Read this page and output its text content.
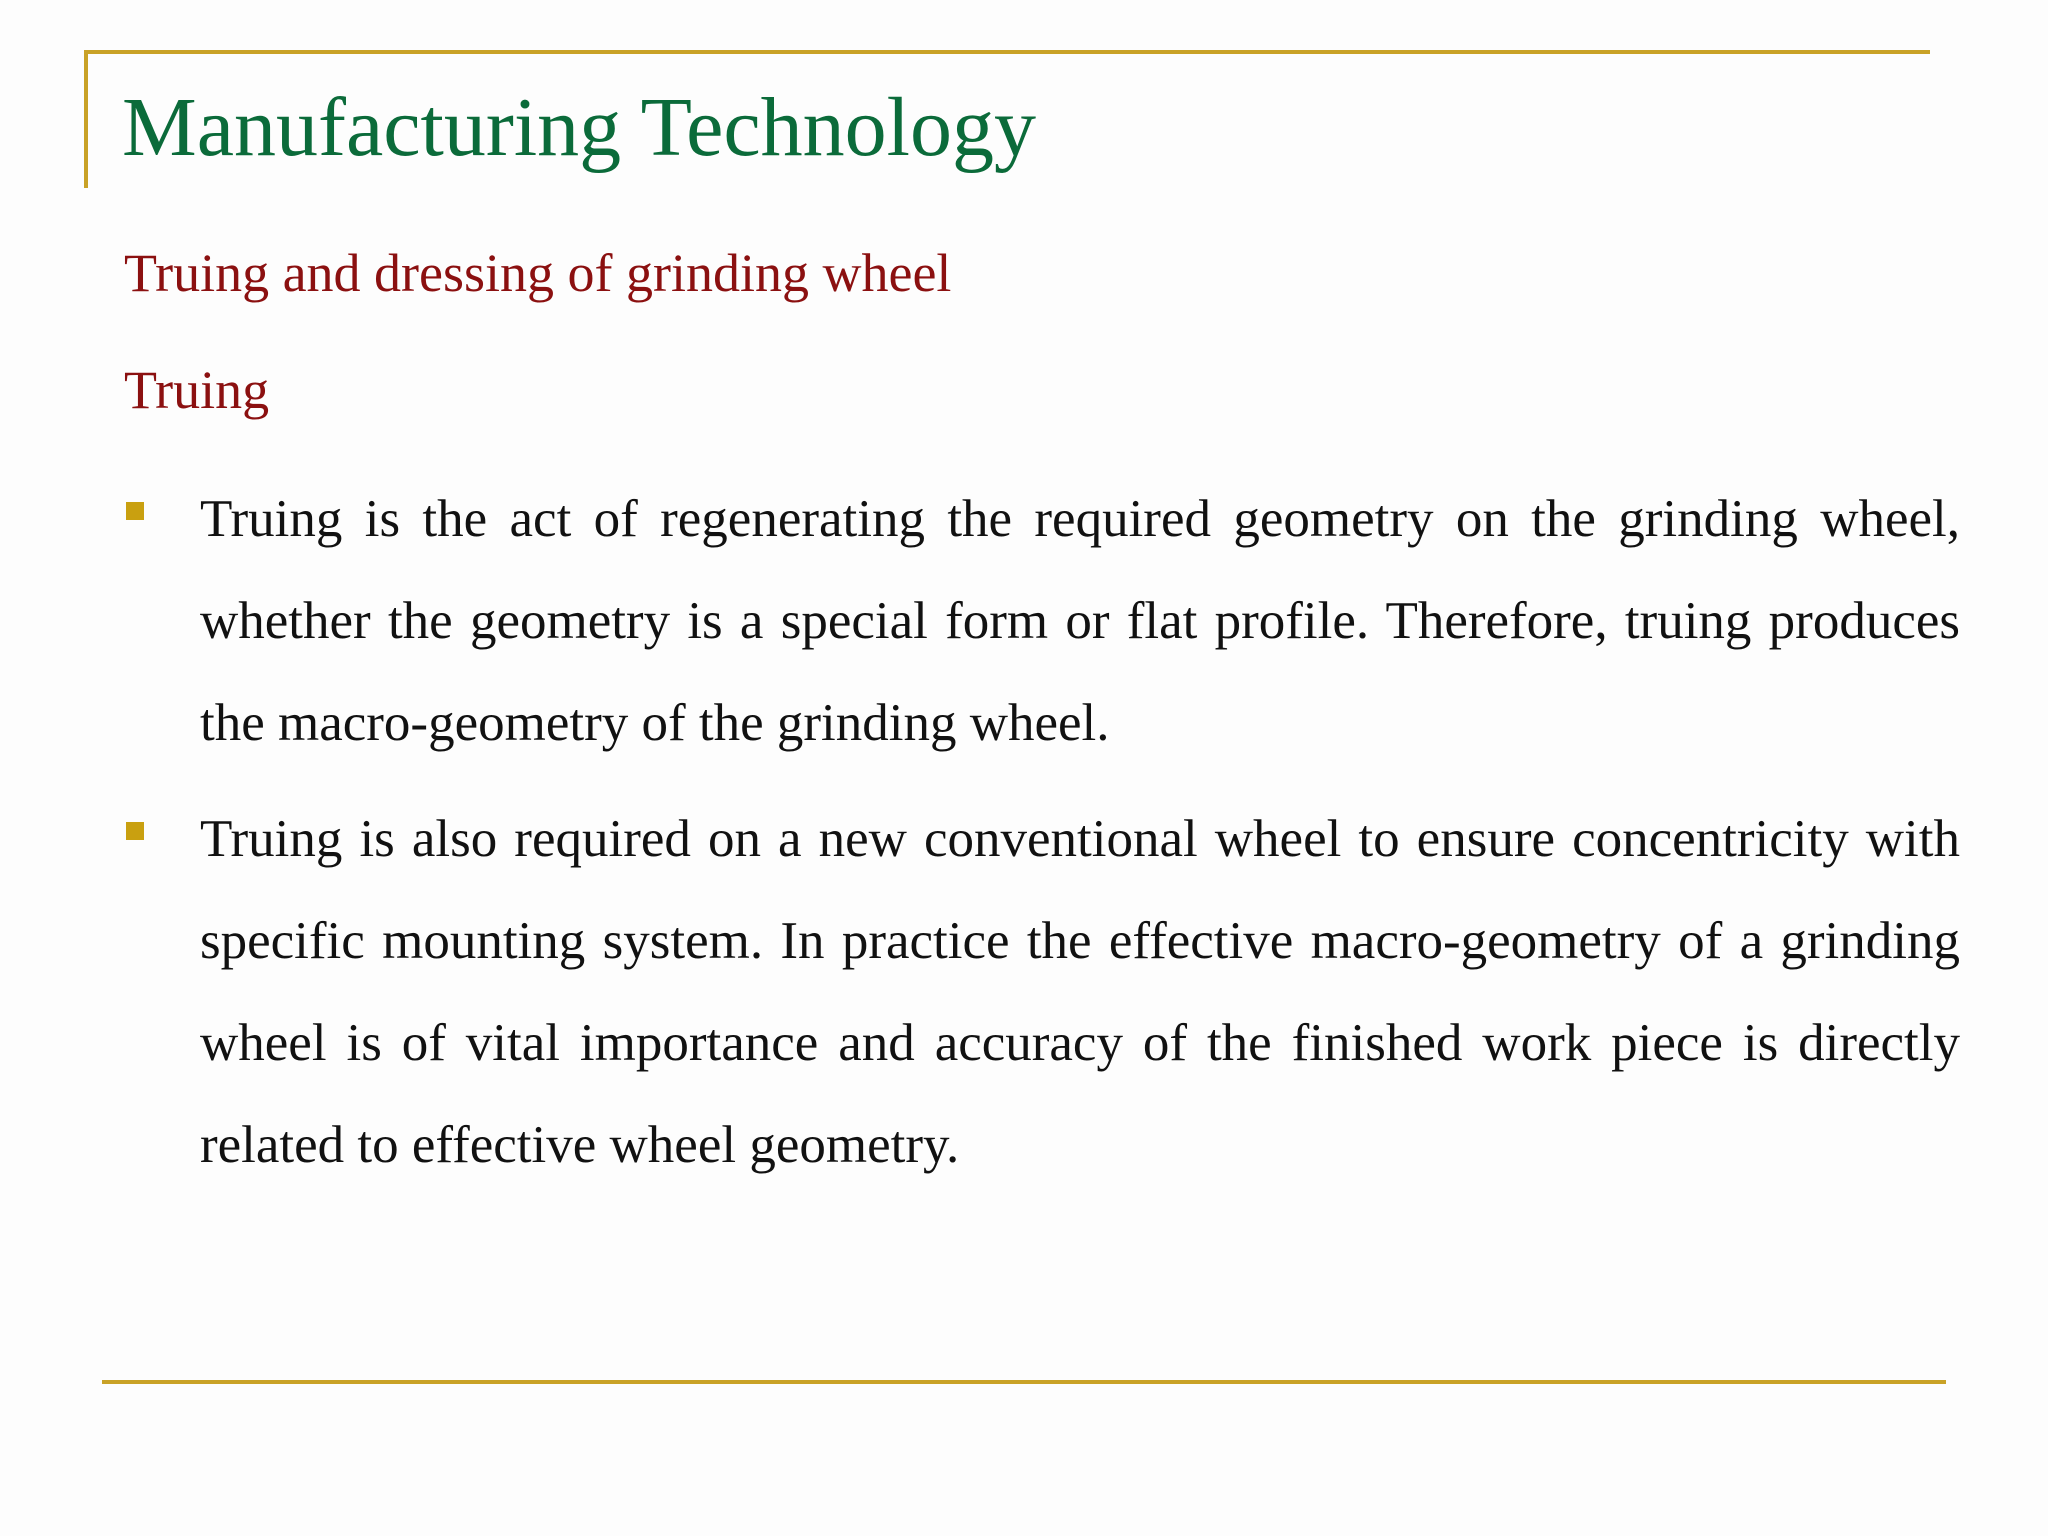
Manufacturing Technology
Truing and dressing of grinding wheel
Truing
Truing is the act of regenerating the required geometry on the grinding wheel, whether the geometry is a special form or flat profile. Therefore, truing produces the macro-geometry of the grinding wheel.
Truing is also required on a new conventional wheel to ensure concentricity with specific mounting system. In practice the effective macro-geometry of a grinding wheel is of vital importance and accuracy of the finished work piece is directly related to effective wheel geometry.
